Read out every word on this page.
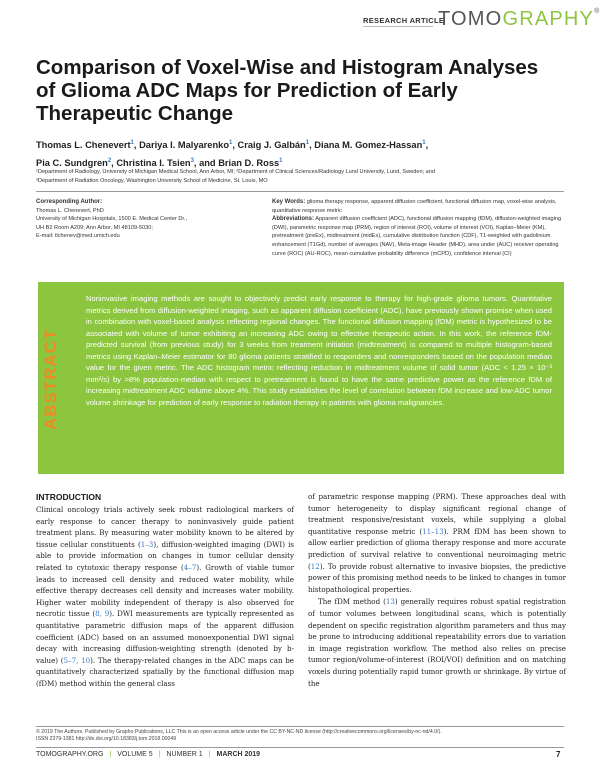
RESEARCH ARTICLE
TOMOGRAPHY®
Comparison of Voxel-Wise and Histogram Analyses of Glioma ADC Maps for Prediction of Early Therapeutic Change
Thomas L. Chenevert$^1$, Dariya I. Malyarenko$^1$, Craig J. Galbán$^1$, Diana M. Gomez-Hassan$^1$,
Pia C. Sundgren$^2$, Christina I. Tsien$^3$, and Brian D. Ross$^1$
¹Department of Radiology, University of Michigan Medical School, Ann Arbor, MI; ²Department of Clinical Sciences/Radiology Lund University, Lund, Sweden; and
³Department of Radiation Oncology, Washington University School of Medicine, St. Louis, MO
Corresponding Author:
Thomas L. Chenevert, PhD
University of Michigan Hospitals, 1500 E. Medical Center Dr.,
UH B2 Room A209; Ann Arbor, MI 48109-5030;
E-mail: tlchenev@med.umich.edu
Key Words: glioma therapy response, apparent diffusion coefficient, functional diffusion map, voxel-wise analysis, quantitative response metric
Abbreviations: Apparent diffusion coefficient (ADC), functional diffusion mapping (fDM), diffusion-weighted imaging (DWI), parametric response map (PRM), region of interest (ROI), volume of interest (VOI), Kaplan–Meier (KM), pretreatment (preEx), midtreatment (midEx), cumulative distribution function (CDF), T1-weighted with gadolinium enhancement (T1Gd), number of averages (NAV), Meta-image Header (MHD), area under (AUC) receiver operating curve (ROC) (AU-ROC), mean cumulative probability difference (mCPD), confidence interval (CI)
ABSTRACT
Noninvasive imaging methods are sought to objectively predict early response to therapy for high-grade glioma tumors. Quantitative metrics derived from diffusion-weighted imaging, such as apparent diffusion coefficient (ADC), have previously shown promise when used in combination with voxel-based analysis reflecting regional changes. The functional diffusion mapping (fDM) metric is hypothesized to be associated with volume of tumor exhibiting an increasing ADC owing to effective therapeutic action. In this work, the reference fDM-predicted survival (from previous study) for 3 weeks from treatment initiation (midtreatment) is compared to multiple histogram-based metrics using Kaplan–Meier estimator for 80 glioma patients stratified to responders and nonresponders based on the population median value for the given metric. The ADC histogram metric reflecting reduction in midtreatment volume of solid tumor (ADC < 1.25 × 10⁻³ mm²/s) by >8% population-median with respect to pretreatment is found to have the same predictive power as the reference fDM of increasing midtreatment ADC volume above 4%. This study establishes the level of correlation between fDM increase and low-ADC tumor volume shrinkage for prediction of early response to radiation therapy in patients with glioma malignancies.
INTRODUCTION

Clinical oncology trials actively seek robust radiological markers of early response to cancer therapy to noninvasively guide patient treatment plans. By measuring water mobility known to be altered by tissue cellular constituents (1–3), diffusion-weighted imaging (DWI) is able to provide information on changes in tumor cellular density related to cytotoxic therapy response (4–7). Growth of viable tumor leads to increased cell density and reduced water mobility, while effective therapy decreases cell density and increases water mobility. Higher water mobility independent of therapy is also observed for necrotic tissue (8, 9). DWI measurements are typically represented as quantitative parametric diffusion maps of the apparent diffusion coefficient (ADC) based on an assumed monoexponential DWI signal decay with increasing diffusion-weighting strength (denoted by b-value) (5–7, 10). The therapy-related changes in the ADC maps can be quantitatively characterized spatially by the functional diffusion map (fDM) method within the general class

of parametric response mapping (PRM). These approaches deal with tumor heterogeneity to display significant regional change of treatment responsive/resistant voxels, while supplying a global quantitative response metric (11–13). PRM fDM has been shown to allow earlier prediction of glioma therapy response and more accurate prediction of survival relative to conventional neuroimaging metric (12). To provide robust alternative to invasive biopsies, the predictive power of this promising method needs to be linked to changes in tumor histopathological properties.

The fDM method (13) generally requires robust spatial registration of tumor volumes between longitudinal scans, which is potentially dependent on specific registration algorithm parameters and thus may be prone to introducing additional repeatability errors due to variation in image registration workflow. The method also relies on precise tumor region/volume-of-interest (ROI/VOI) definition and on matching voxels during potentially rapid tumor growth or shrinkage. By virtue of the

© 2019 The Authors. Published by Grapho Publications, LLC This is an open access article under the CC BY-NC-ND license (http://creativecommons.org/licenses/by-nc-nd/4.0/).
ISSN 2379-1381 http://dx.doi.org/10.18383/j.tom.2018.00049
TOMOGRAPHY.ORG | VOLUME 5 | NUMBER 1 | MARCH 2019	7
